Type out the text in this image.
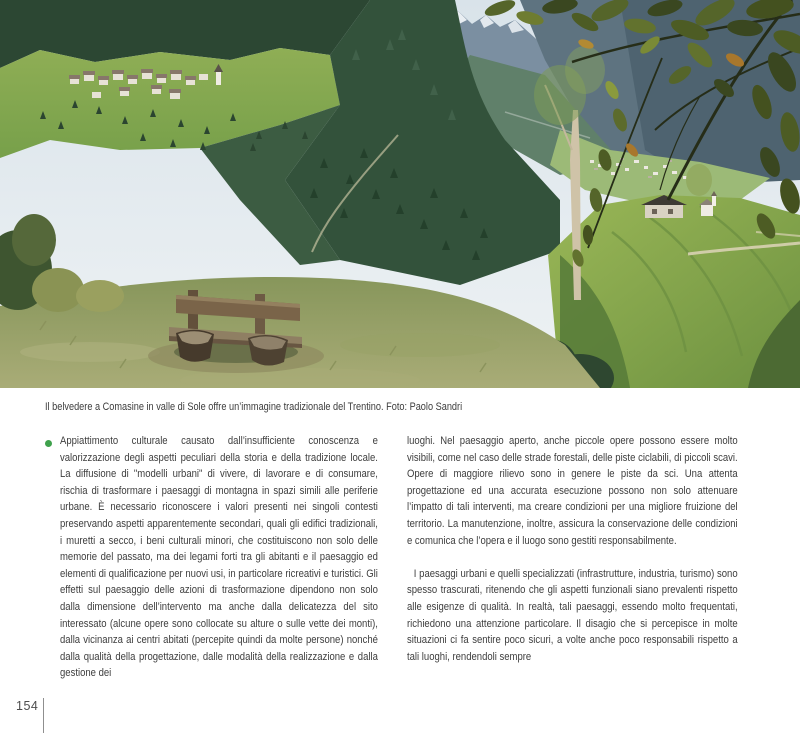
Il belvedere a Comasine in valle di Sole offre un’immagine tradizionale del Trentino. Foto: Paolo Sandri

Appiattimento culturale causato dall’insufficiente conoscenza e valorizzazione degli aspetti peculiari della storia e della tradizione locale. La diffusione di "modelli urbani" di vivere, di lavorare e di consumare, rischia di trasformare i paesaggi di montagna in spazi simili alle periferie urbane. È necessario riconoscere i valori presenti nei singoli contesti preservando aspetti apparentemente secondari, quali gli edifici tradizionali, i muretti a secco, i beni culturali minori, che costituiscono non solo delle memorie del passato, ma dei legami forti tra gli abitanti e il paesaggio ed elementi di qualificazione per nuovi usi, in particolare ricreativi e turistici. Gli effetti sul paesaggio delle azioni di trasformazione dipendono non solo dalla dimensione dell’intervento ma anche dalla delicatezza del sito interessato (alcune opere sono collocate su alture o sulle vette dei monti), dalla vicinanza ai centri abitati (percepite quindi da molte persone) nonché dalla qualità della progettazione, dalle modalità della realizzazione e dalla gestione dei

luoghi. Nel paesaggio aperto, anche piccole opere possono essere molto visibili, come nel caso delle strade forestali, delle piste ciclabili, di piccoli scavi. Opere di maggiore rilievo sono in genere le piste da sci. Una attenta progettazione ed una accurata esecuzione possono non solo attenuare l’impatto di tali interventi, ma creare condizioni per una migliore fruizione del territorio. La manutenzione, inoltre, assicura la conservazione delle condizioni e comunica che l’opera e il luogo sono gestiti responsabilmente.

I paesaggi urbani e quelli specializzati (infrastrutture, industria, turismo) sono spesso trascurati, ritenendo che gli aspetti funzionali siano prevalenti rispetto alle esigenze di qualità. In realtà, tali paesaggi, essendo molto frequentati, richiedono una attenzione particolare. Il disagio che si percepisce in molte situazioni ci fa sentire poco sicuri, a volte anche poco responsabili rispetto a tali luoghi, rendendoli sempre

154
